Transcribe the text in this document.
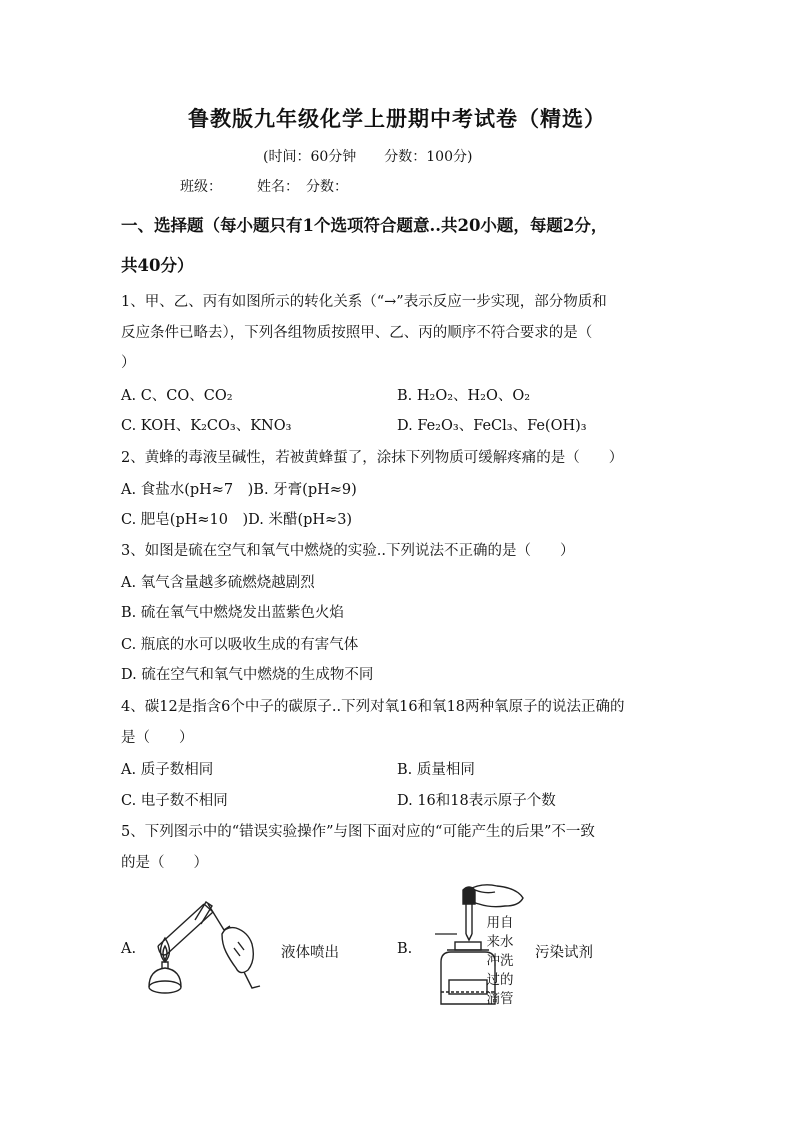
鲁教版九年级化学上册期中考试卷（精选）
(时间：60分钟　　分数：100分)
班级：　　　姓名：　分数：
一、选择题（每小题只有1个选项符合题意..共20小题，每题2分，
共40分）
1、甲、乙、丙有如图所示的转化关系（“→”表示反应一步实现，部分物质和
反应条件已略去），下列各组物质按照甲、乙、丙的顺序不符合要求的是（
）
A. C、CO、CO₂	B. H₂O₂、H₂O、O₂
C. KOH、K₂CO₃、KNO₃	D. Fe₂O₃、FeCl₃、Fe(OH)₃
2、黄蜂的毒液呈碱性，若被黄蜂蜇了，涂抹下列物质可缓解疼痛的是（　　）
A. 食盐水(pH≈7　)B. 牙膏(pH≈9)
C. 肥皂(pH≈10　)D. 米醋(pH≈3)
3、如图是硫在空气和氧气中燃烧的实验..下列说法不正确的是（　　）
A. 氧气含量越多硫燃烧越剧烈
B. 硫在氧气中燃烧发出蓝紫色火焰
C. 瓶底的水可以吸收生成的有害气体
D. 硫在空气和氧气中燃烧的生成物不同
4、碳12是指含6个中子的碳原子..下列对氧16和氧18两种氧原子的说法正确的
是（　　）
A. 质子数相同	B. 质量相同
C. 电子数不相同	D. 16和18表示原子个数
5、下列图示中的“错误实验操作”与图下面对应的“可能产生的后果”不一致
的是（　　）
A.	液体喷出	B.
用自
来水
冲洗
过的
滴管
污染试剂
